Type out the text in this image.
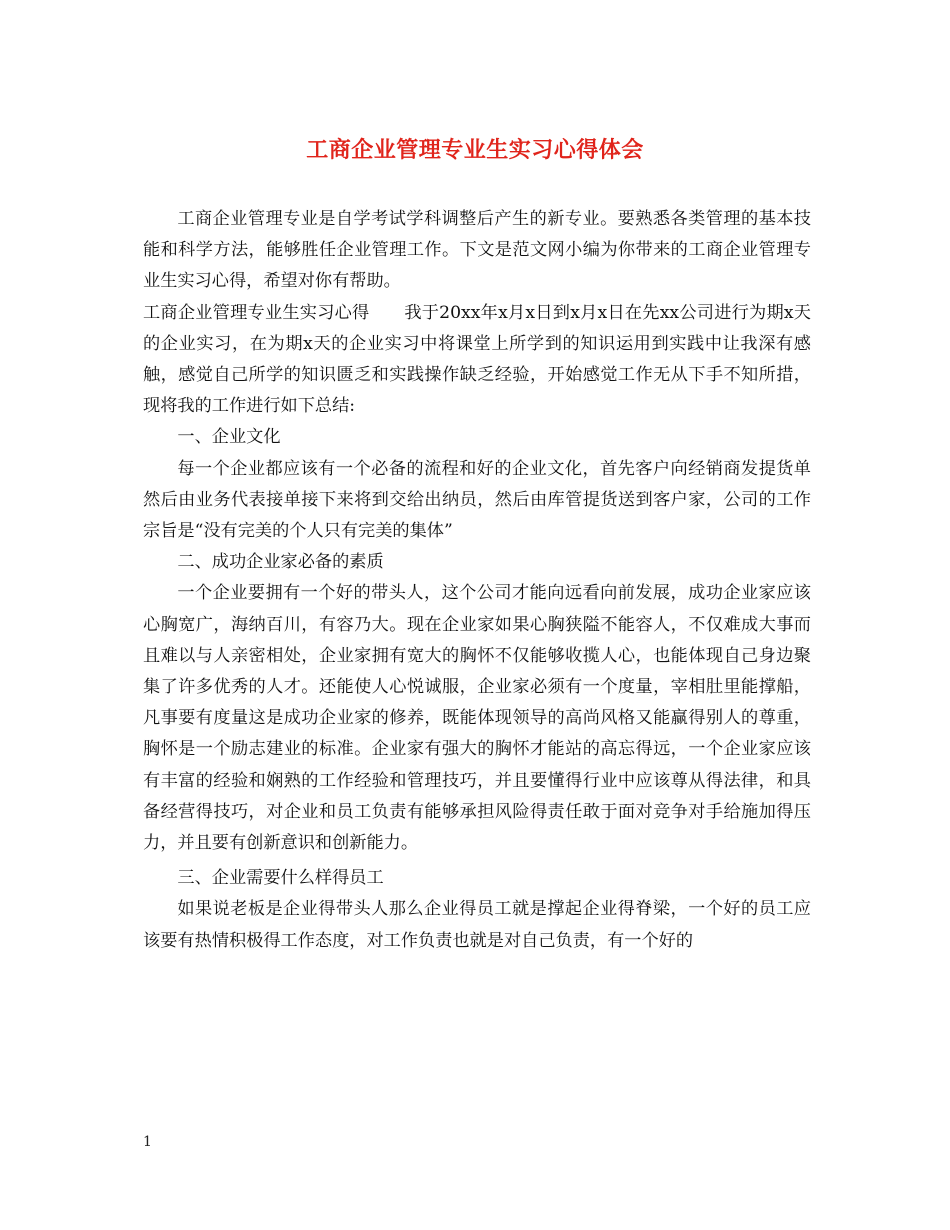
工商企业管理专业生实习心得体会

工商企业管理专业是自学考试学科调整后产生的新专业。要熟悉各类管理的基本技能和科学方法，能够胜任企业管理工作。下文是范文网小编为你带来的工商企业管理专业生实习心得，希望对你有帮助。

工商企业管理专业生实习心得　　我于20xx年x月x日到x月x日在先xx公司进行为期x天的企业实习，在为期x天的企业实习中将课堂上所学到的知识运用到实践中让我深有感触，感觉自己所学的知识匮乏和实践操作缺乏经验，开始感觉工作无从下手不知所措，现将我的工作进行如下总结:

一、企业文化

每一个企业都应该有一个必备的流程和好的企业文化，首先客户向经销商发提货单然后由业务代表接单接下来将到交给出纳员，然后由库管提货送到客户家，公司的工作宗旨是“没有完美的个人只有完美的集体”

二、成功企业家必备的素质

一个企业要拥有一个好的带头人，这个公司才能向远看向前发展，成功企业家应该心胸宽广，海纳百川，有容乃大。现在企业家如果心胸狭隘不能容人，不仅难成大事而且难以与人亲密相处，企业家拥有宽大的胸怀不仅能够收揽人心，也能体现自己身边聚集了许多优秀的人才。还能使人心悦诚服，企业家必须有一个度量，宰相肚里能撑船，凡事要有度量这是成功企业家的修养，既能体现领导的高尚风格又能赢得别人的尊重，胸怀是一个励志建业的标准。企业家有强大的胸怀才能站的高忘得远，一个企业家应该有丰富的经验和娴熟的工作经验和管理技巧，并且要懂得行业中应该尊从得法律，和具备经营得技巧，对企业和员工负责有能够承担风险得责任敢于面对竞争对手给施加得压力，并且要有创新意识和创新能力。

三、企业需要什么样得员工

如果说老板是企业得带头人那么企业得员工就是撑起企业得脊梁，一个好的员工应该要有热情积极得工作态度，对工作负责也就是对自己负责，有一个好的

1
